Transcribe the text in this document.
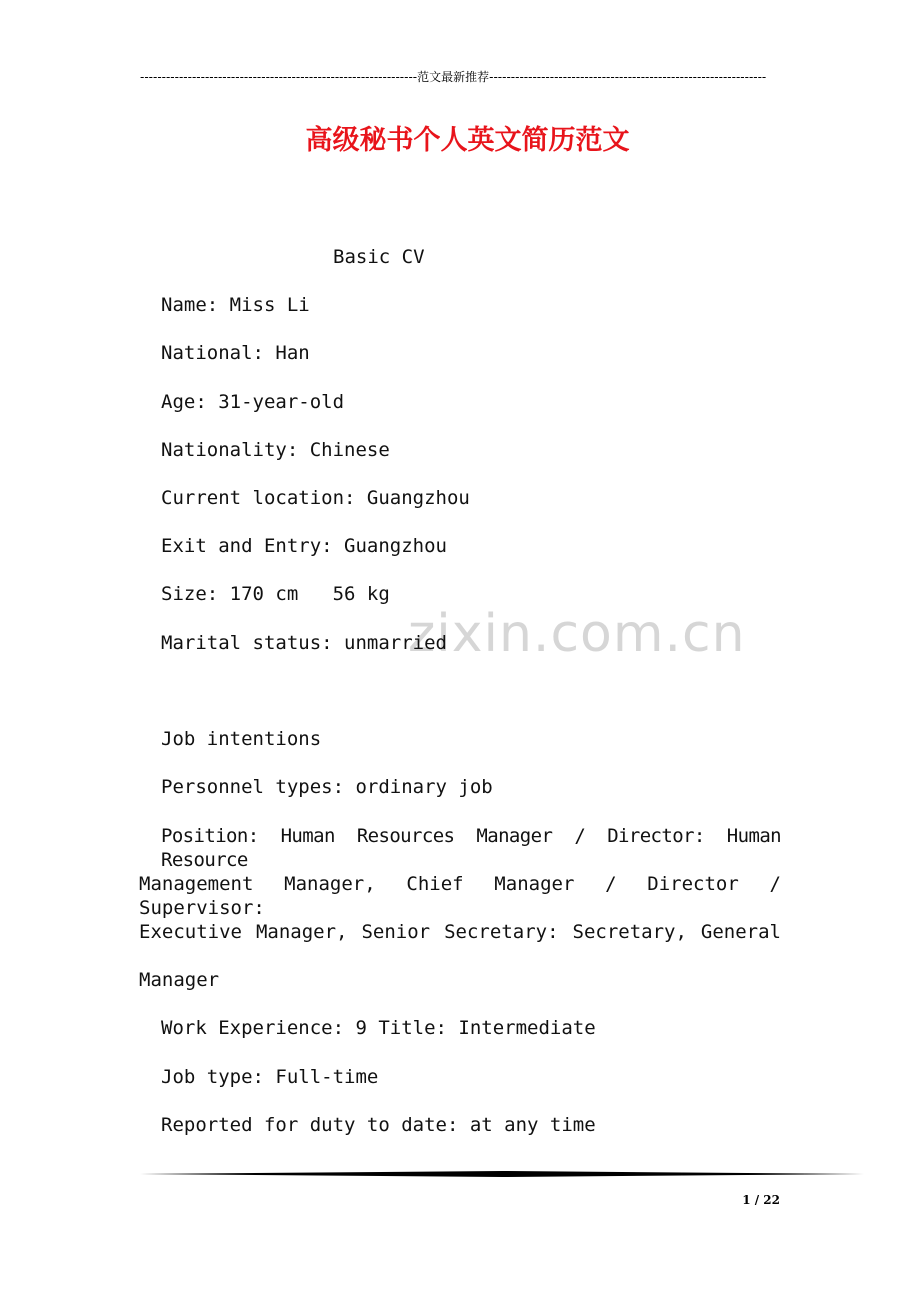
----------------------------------------------------------------范文最新推荐----------------------------------------------------------------
高级秘书个人英文简历范文
zixin.com.cn
Basic CV
Name: Miss Li
National: Han
Age: 31-year-old
Nationality: Chinese
Current location: Guangzhou
Exit and Entry: Guangzhou
Size: 170 cm   56 kg
Marital status: unmarried
Job intentions
Personnel types: ordinary job
Position: Human Resources Manager / Director: Human Resource
Management Manager, Chief Manager / Director / Supervisor:
Executive Manager, Senior Secretary: Secretary, General
Manager
Work Experience: 9 Title: Intermediate
Job type: Full-time
Reported for duty to date: at any time
1 / 22
